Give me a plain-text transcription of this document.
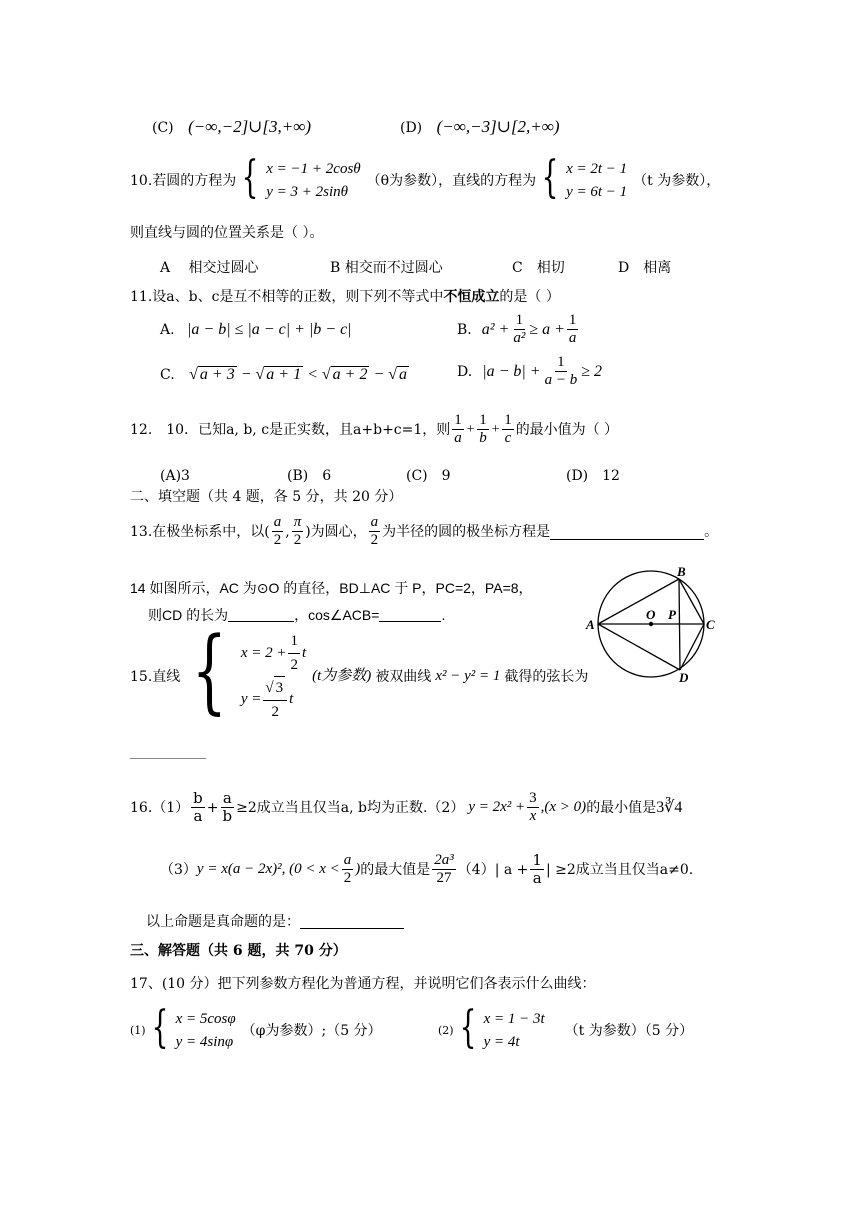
(C) (−∞,−2]∪[3,+∞)	(D) (−∞,−3]∪[2,+∞)
10.若圆的方程为 { x = −1 + 2cosθ
y = 3 + 2sinθ
（θ为参数），直线的方程为 { x = 2t − 1
y = 6t − 1
（t 为参数），
则直线与圆的位置关系是（ ）。
A　 相交过圆心	B 相交而不过圆心	C　相切	D　相离
11.设a、b、c是互不相等的正数，则下列不等式中不恒成立的是（ ）
A. |a − b| ≤ |a − c| + |b − c|	B. $a^2 + \frac{1}{\text{a²}} \ge a + \frac{1}{a}$
C. √ a + 3 − √ a + 1 < √ a + 2 − √ a	D. $|a - b| + \frac{1}{a - b} \ge 2$
12.　10．已知a, b, c是正实数，且a+b+c=1，则 $\frac{1}{a} + \frac{1}{b} + \frac{1}{c}$ 的最小值为（ ）
(A)3	(B)　6	(C)　9	(D)　12
二、填空题（共 4 题，各 5 分，共 20 分）
13.在极坐标系中，以( $\frac{a}{2}$ , $\frac{\pi}{2}$ )为圆心， $\frac{a}{2}$ 为半径的圆的极坐标方程是	。
14 如图所示，AC 为⊙O 的直径，BD⊥AC 于 P，PC=2，PA=8，
则CD 的长为	，cos∠ACB=	.
A
B
C
D
O P
15.直线 { $x = 2 + \frac{1}{2}$ t
$y = \frac{√ 3}{2}$ t
(t为参数) 被双曲线 x² − y² = 1 截得的弦长为
$16.(1) \frac{b}{a} + \frac{a}{b} \ge 2$成立当且仅当a, b均为正数.（2） $y = 2x^2 + \frac{3}{x} ,(x > 0)$ 的最小值是 3∛4
（3） y = x(a − 2x)², ($0 < x < \frac{a}{2}$ ) 的最大值是 $\frac{\text{2a³}}{27} (4)|$ $a + \frac{1}{a}$ | ≥2成立当且仅当a≠0.
以上命题是真命题的是：
三、解答题（共 6 题，共 70 分）
17、(10 分）把下列参数方程化为普通方程，并说明它们各表示什么曲线：
(1) { x = 5cosφ
y = 4sinφ
（φ为参数）;（5 分）	(2) { x = 1 − 3t
y = 4t
（t 为参数）（5 分）
